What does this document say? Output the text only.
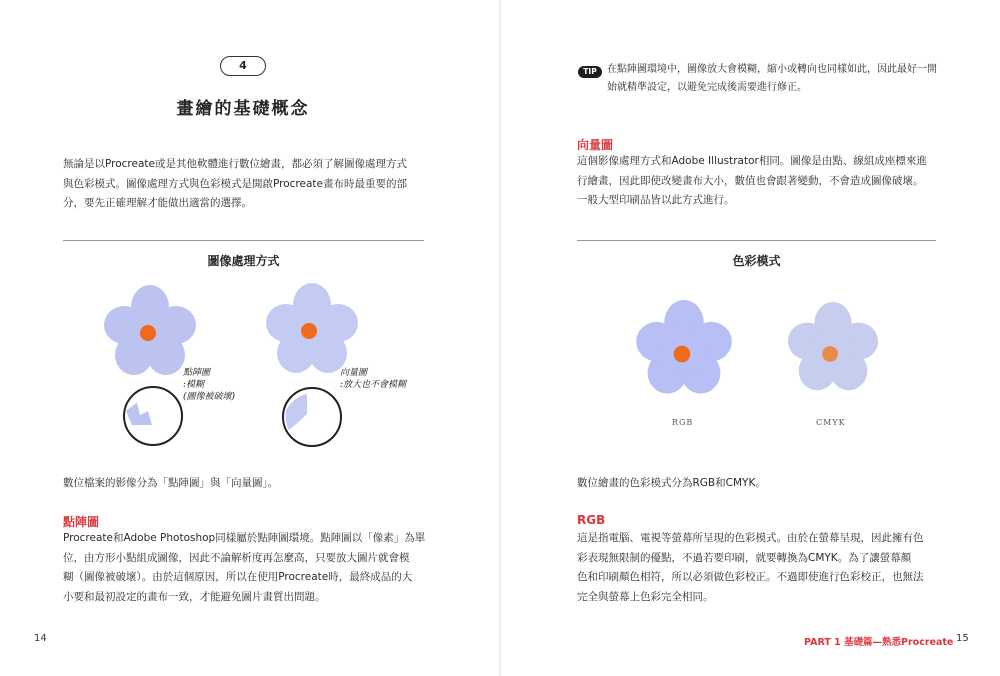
4
畫繪的基礎概念
無論是以Procreate或是其他軟體進行數位繪畫，都必須了解圖像處理方式
與色彩模式。圖像處理方式與色彩模式是開啟Procreate畫布時最重要的部
分，要先正確理解才能做出適當的選擇。
圖像處理方式
點陣圖
:模糊
(圖像被破壞)
向量圖
:放大也不會模糊
數位檔案的影像分為「點陣圖」與「向量圖」。
點陣圖
Procreate和Adobe Photoshop同樣屬於點陣圖環境。點陣圖以「像素」為單
位，由方形小點組成圖像，因此不論解析度再怎麼高，只要放大圖片就會模
糊（圖像被破壞）。由於這個原因，所以在使用Procreate時，最終成品的大
小要和最初設定的畫布一致，才能避免圖片畫質出問題。
14
TIP	在點陣圖環境中，圖像放大會模糊，縮小或轉向也同樣如此，因此最好一開
始就精準設定，以避免完成後需要進行修正。
向量圖
這個影像處理方式和Adobe Illustrator相同。圖像是由點、線組成座標來進
行繪畫，因此即使改變畫布大小，數值也會跟著變動，不會造成圖像破壞。
一般大型印刷品皆以此方式進行。
色彩模式
RGB	CMYK
數位繪畫的色彩模式分為RGB和CMYK。
RGB
這是指電腦、電視等螢幕所呈現的色彩模式。由於在螢幕呈現，因此擁有色
彩表現無限制的優點，不過若要印刷，就要轉換為CMYK。為了讓螢幕顏
色和印刷顏色相符，所以必須做色彩校正。不過即使進行色彩校正，也無法
完全與螢幕上色彩完全相同。
PART 1 基礎篇—熟悉Procreate 15
